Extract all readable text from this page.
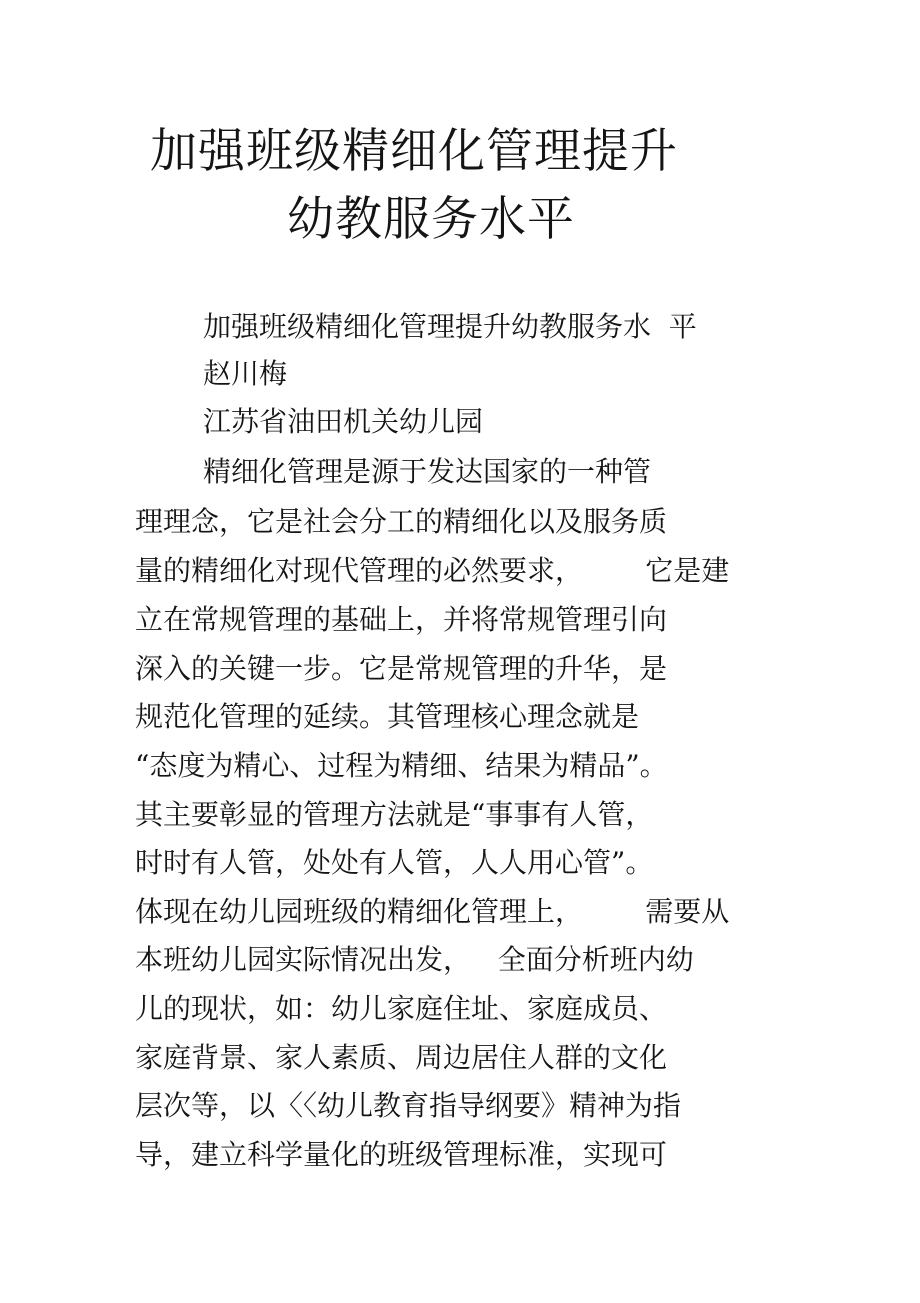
加强班级精细化管理提升
幼教服务水平
加强班级精细化管理提升幼教服务水  平
赵川梅
江苏省油田机关幼儿园
精细化管理是源于发达国家的一种管
理理念，它是社会分工的精细化以及服务质
量的精细化对现代管理的必然要求，       它是建
立在常规管理的基础上，并将常规管理引向
深入的关键一步。它是常规管理的升华，是
规范化管理的延续。其管理核心理念就是
“态度为精心、过程为精细、结果为精品”。
其主要彰显的管理方法就是“事事有人管，
时时有人管，处处有人管，人人用心管”。
体现在幼儿园班级的精细化管理上，       需要从
本班幼儿园实际情况出发，   全面分析班内幼
儿的现状，如：幼儿家庭住址、家庭成员、
家庭背景、家人素质、周边居住人群的文化
层次等，以〈〈幼儿教育指导纲要》精神为指
导，建立科学量化的班级管理标准，实现可
